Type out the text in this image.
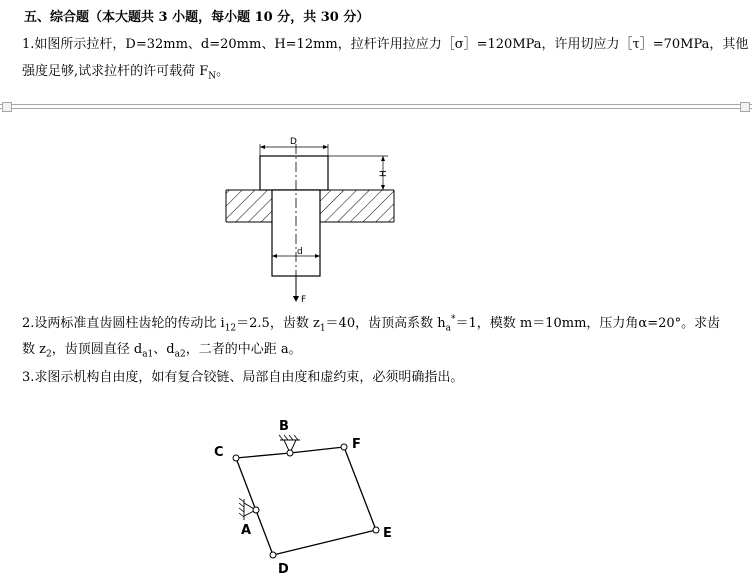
五、综合题（本大题共 3 小题，每小题 10 分，共 30 分）
1.如图所示拉杆，D=32mm、d=20mm、H=12mm，拉杆许用拉应力［σ］=120MPa，许用切应力［τ］=70MPa，其他
强度足够,试求拉杆的许可载荷 $F_N$。
D
H
d
F
2.设两标准直齿圆柱齿轮的传动比 $i_{12}=2.5$，齿数 $z_1=40$，齿顶高系数 $h_a^*=1$，模数 m＝10mm，压力角α=20°。求齿
数 $z_2$，齿顶圆直径 $d_{a1}$、$d_{a2}$，二者的中心距 a。
3.求图示机构自由度，如有复合铰链、局部自由度和虚约束，必须明确指出。
B
C
F
E
D
A
